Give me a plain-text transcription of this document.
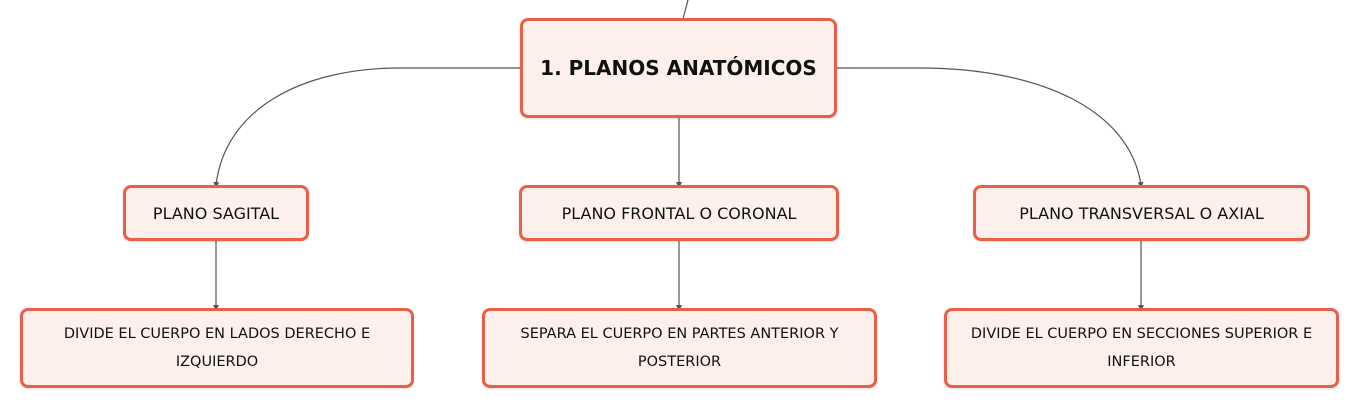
1. PLANOS ANATÓMICOS
PLANO SAGITAL	PLANO FRONTAL O CORONAL	PLANO TRANSVERSAL O AXIAL
DIVIDE EL CUERPO EN LADOS DERECHO E IZQUIERDO
SEPARA EL CUERPO EN PARTES ANTERIOR Y POSTERIOR
DIVIDE EL CUERPO EN SECCIONES SUPERIOR E INFERIOR
